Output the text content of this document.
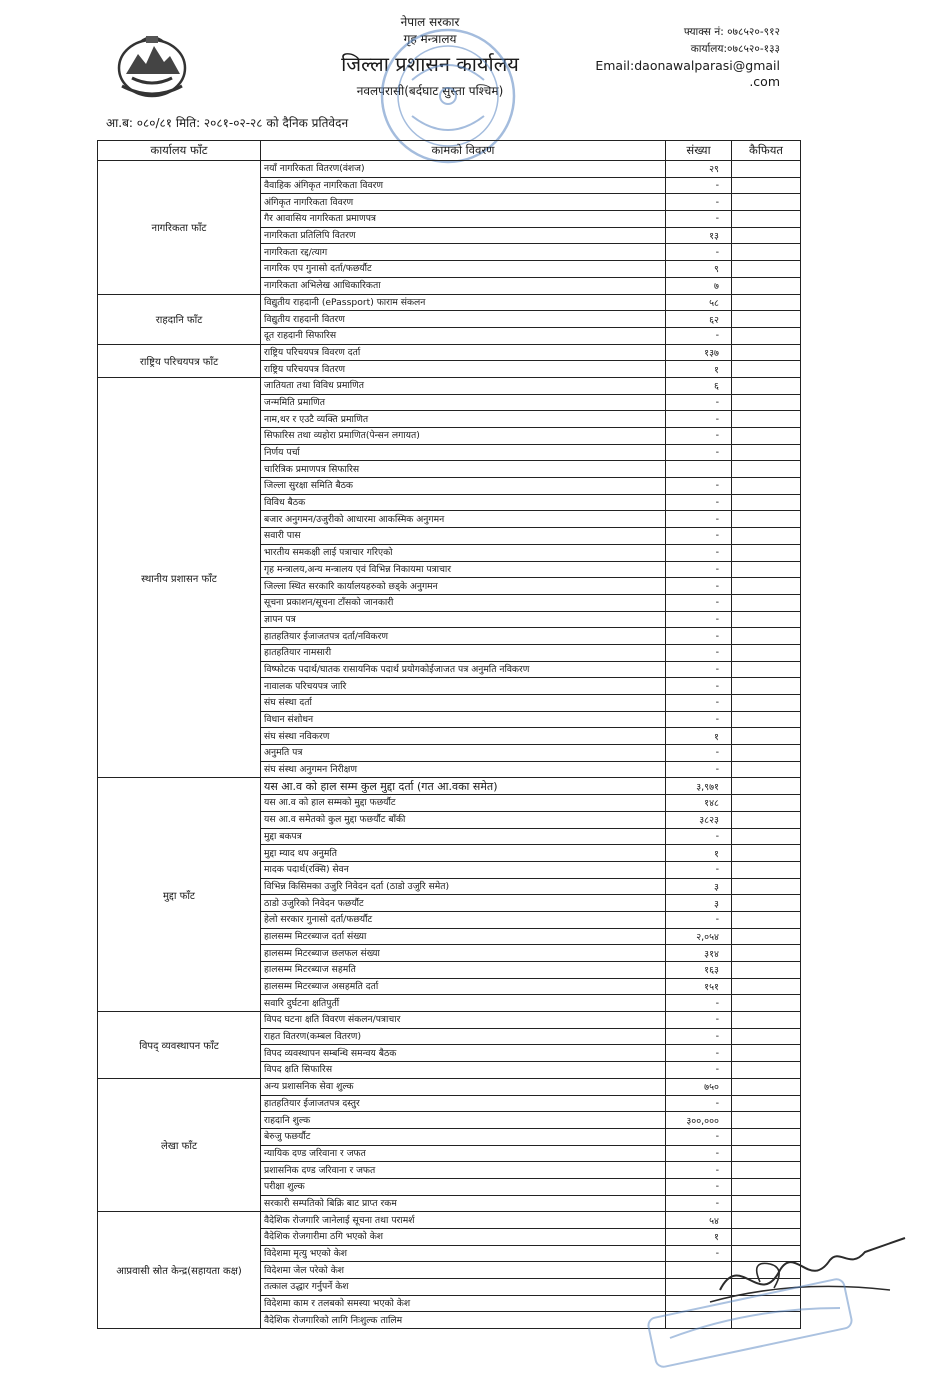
नेपाल सरकार
गृह मन्त्रालय
जिल्ला प्रशासन कार्यालय
नवलपरासी(बर्दघाट सुस्ता पश्चिम)
फ्याक्स नं: ०७८५२०-९१२
कार्यालय:०७८५२०-१३३
Email:daonawalparasi@gmail
.com
आ.ब: ०८०/८१ मिति: २०८१-०२-२८ को दैनिक प्रतिवेदन
कार्यालय फाँट	कामको विवरण	संख्या	कैफियत
नागरिकता फाँट	नयाँ नागरिकता वितरण(वंशज)	२९	
	वैवाहिक अंगिकृत नागरिकता विवरण	-	
	अंगिकृत नागरिकता विवरण	-	
	गैर आवासिय नागरिकता प्रमाणपत्र	-	
	नागरिकता प्रतिलिपि वितरण	१३	
	नागरिकता रद्द/त्याग	-	
	नागरिक एप गुनासो दर्ता/फछर्यौट	९	
	नागरिकता अभिलेख आधिकारिकता	७	
राहदानि फाँट	विद्युतीय राहदानी (ePassport) फाराम संकलन	५८	
	विद्युतीय राहदानी वितरण	६२	
	दूत राहदानी सिफारिस	-	
राष्ट्रिय परिचयपत्र फाँट	राष्ट्रिय परिचयपत्र विवरण दर्ता	१३७	
	राष्ट्रिय परिचयपत्र वितरण	१	
स्थानीय प्रशासन फाँट	जातियता तथा विविध प्रमाणित	६	
	जन्ममिति प्रमाणित	-	
	नाम,थर र एउटै व्यक्ति प्रमाणित	-	
	सिफारिस तथा व्यहोरा प्रमाणित(पेन्सन लगायत)	-	
	निर्णय पर्चा	-	
	चारित्रिक प्रमाणपत्र सिफारिस		
	जिल्ला सुरक्षा समिति बैठक	-	
	विविध बैठक	-	
	बजार अनुगमन/उजुरीको आधारमा आकस्मिक अनुगमन	-	
	सवारी पास	-	
	भारतीय समकक्षी लाई पत्राचार गरिएको	-	
	गृह मन्त्रालय,अन्य मन्त्रालय एवं विभिन्न निकायमा पत्राचार	-	
	जिल्ला स्थित सरकारि कार्यालयहरुको छड्के अनुगमन	-	
	सूचना प्रकाशन/सूचना टाँसको जानकारी	-	
	ज्ञापन पत्र	-	
	हातहतियार ईजाजतपत्र दर्ता/नविकरण	-	
	हातहतियार नामसारी	-	
	विष्फोटक पदार्थ/घातक रासायनिक पदार्थ प्रयोगकोईजाजत पत्र अनुमति नविकरण	-	
	नावालक परिचयपत्र जारि	-	
	संघ संस्था दर्ता	-	
	विधान संशोधन	-	
	संघ संस्था नविकरण	१	
	अनुमति पत्र	-	
	संघ संस्था अनुगमन निरीक्षण	-	
मुद्दा फाँट	यस आ.व को हाल सम्म कुल मुद्दा दर्ता (गत आ.वका समेत)	३,९७१	
	यस आ.व को हाल सम्मको मुद्दा फछर्यौट	१४८	
	यस आ.व समेतको कुल मुद्दा फछर्यौट बाँकी	३८२३	
	मुद्दा बकपत्र	-	
	मुद्दा म्याद थप अनुमति	१	
	मादक पदार्थ(रक्सि) सेवन	-	
	विभिन्न किसिमका उजुरि निवेदन दर्ता (ठाडो उजुरि समेत)	३	
	ठाडो उजुरिको निवेदन फछर्यौट	३	
	हेलो सरकार गुनासो दर्ता/फछर्यौट	-	
	हालसम्म मिटरब्याज दर्ता संख्या	२,०५४	
	हालसम्म मिटरब्याज छलफल संख्या	३१४	
	हालसम्म मिटरब्याज सहमति	१६३	
	हालसम्म मिटरब्याज असहमति दर्ता	१५१	
	सवारि दुर्घटना क्षतिपुर्ती	-	
विपद् व्यवस्थापन फाँट	विपद घटना क्षति विवरण संकलन/पत्राचार	-	
	राहत वितरण(कम्बल वितरण)	-	
	विपद व्यवस्थापन सम्बन्धि समन्वय बैठक	-	
	विपद क्षति सिफारिस	-	
लेखा फाँट	अन्य प्रशासनिक सेवा शुल्क	७५०	
	हातहतियार ईजाजतपत्र दस्तुर	-	
	राहदानि शुल्क	३००,०००	
	बेरुजु फछर्यौट	-	
	न्यायिक दण्ड जरिवाना र जफत	-	
	प्रशासनिक दण्ड जरिवाना र जफत	-	
	परीक्षा शुल्क	-	
	सरकारी सम्पतिको बिक्रि बाट प्राप्त रकम	-	
आप्रवासी स्रोत केन्द्र(सहायता कक्ष)	वैदेशिक रोजगारि जानेलाई सूचना तथा परामर्श	५४	
	वैदेशिक रोजगारीमा ठगि भएको केश	१	
	विदेशमा मृत्यु भएको केश	-	
	विदेशमा जेल परेको केश		
	तत्काल उद्धार गर्नुपर्ने केश		
	विदेशमा काम र तलबको समस्या भएको केश		
	वैदेशिक रोजगारिको लागि निःशुल्क तालिम		
